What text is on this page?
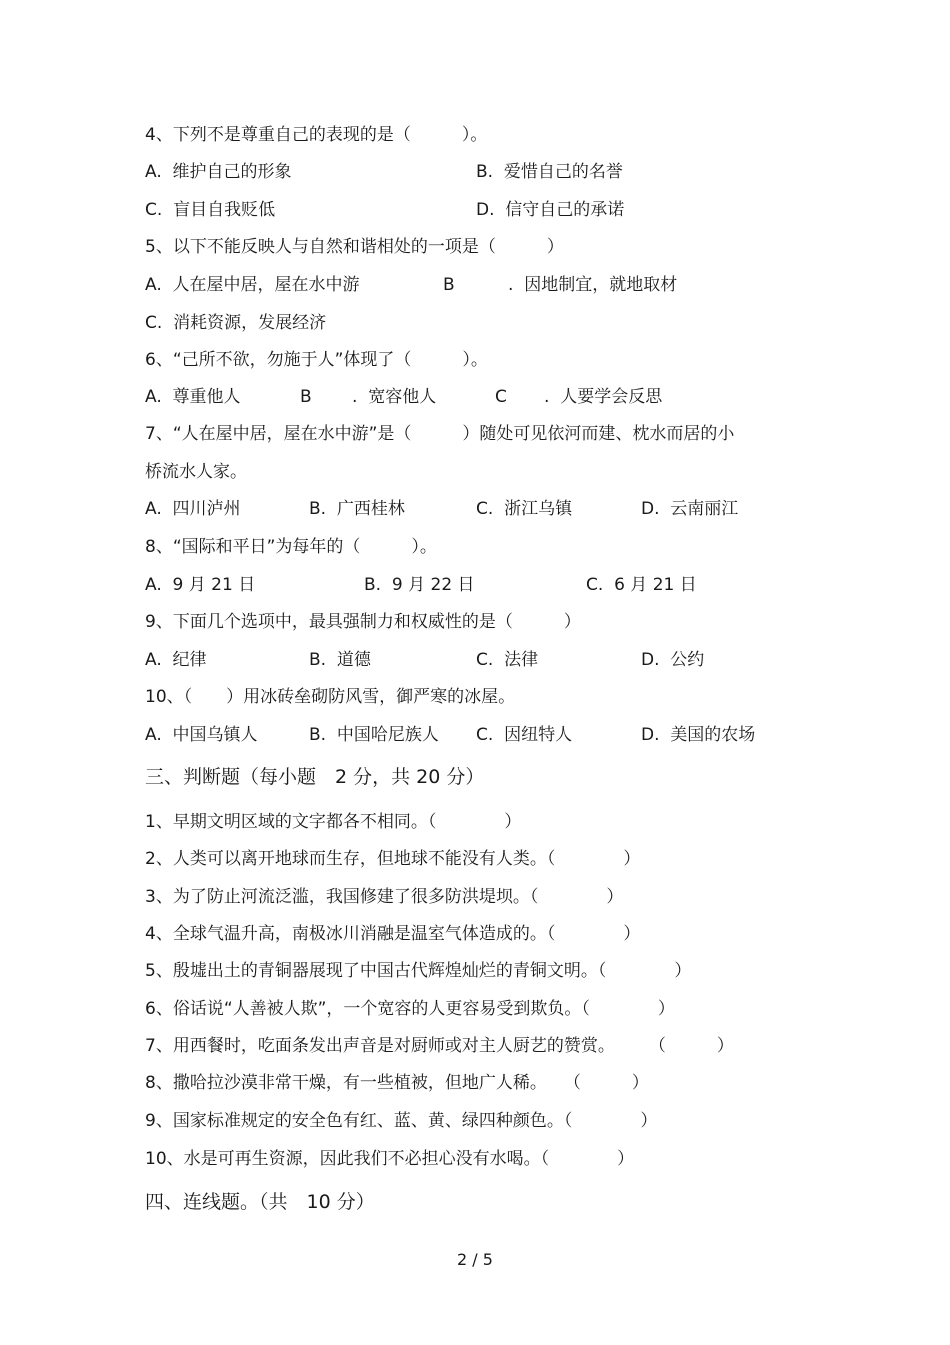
4、下列不是尊重自己的表现的是（　　　）。
A.  维护自己的形象	B.  爱惜自己的名誉
C.  盲目自我贬低	D.  信守自己的承诺
5、以下不能反映人与自然和谐相处的一项是（　　　）
A.  人在屋中居，屋在水中游	B	.  因地制宜，就地取材
C.  消耗资源，发展经济
6、“己所不欲，勿施于人”体现了（　　　）。
A.  尊重他人	B .  宽容他人	C .  人要学会反思
7、“人在屋中居，屋在水中游”是（　　　）随处可见依河而建、枕水而居的小
桥流水人家。
A.  四川泸州	B.  广西桂林	C.  浙江乌镇	D.  云南丽江
8、“国际和平日”为每年的（　　　）。
A.  9 月 21 日	B.  9 月 22 日	C.  6 月 21 日
9、下面几个选项中，最具强制力和权威性的是（　　　）
A.  纪律	B.  道德	C.  法律	D.  公约
10、（　　）用冰砖垒砌防风雪，御严寒的冰屋。
A.  中国乌镇人	B.  中国哈尼族人 C.  因纽特人	D.  美国的农场
三、判断题（每小题　2 分，共 20 分）
1、早期文明区域的文字都各不相同。（　　　　）
2、人类可以离开地球而生存，但地球不能没有人类。（　　　　）
3、为了防止河流泛滥，我国修建了很多防洪堤坝。（　　　　）
4、全球气温升高，南极冰川消融是温室气体造成的。（　　　　）
5、殷墟出土的青铜器展现了中国古代辉煌灿烂的青铜文明。（　　　　）
6、俗话说“人善被人欺”，一个宽容的人更容易受到欺负。（　　　　）
7、用西餐时，吃面条发出声音是对厨师或对主人厨艺的赞赏。　　　（　　　）
8、撒哈拉沙漠非常干燥，有一些植被，但地广人稀。　　（　　　）
9、国家标准规定的安全色有红、蓝、黄、绿四种颜色。（　　　　）
10、水是可再生资源，因此我们不必担心没有水喝。（　　　　）
四、连线题。（共　10 分）
2 / 5
